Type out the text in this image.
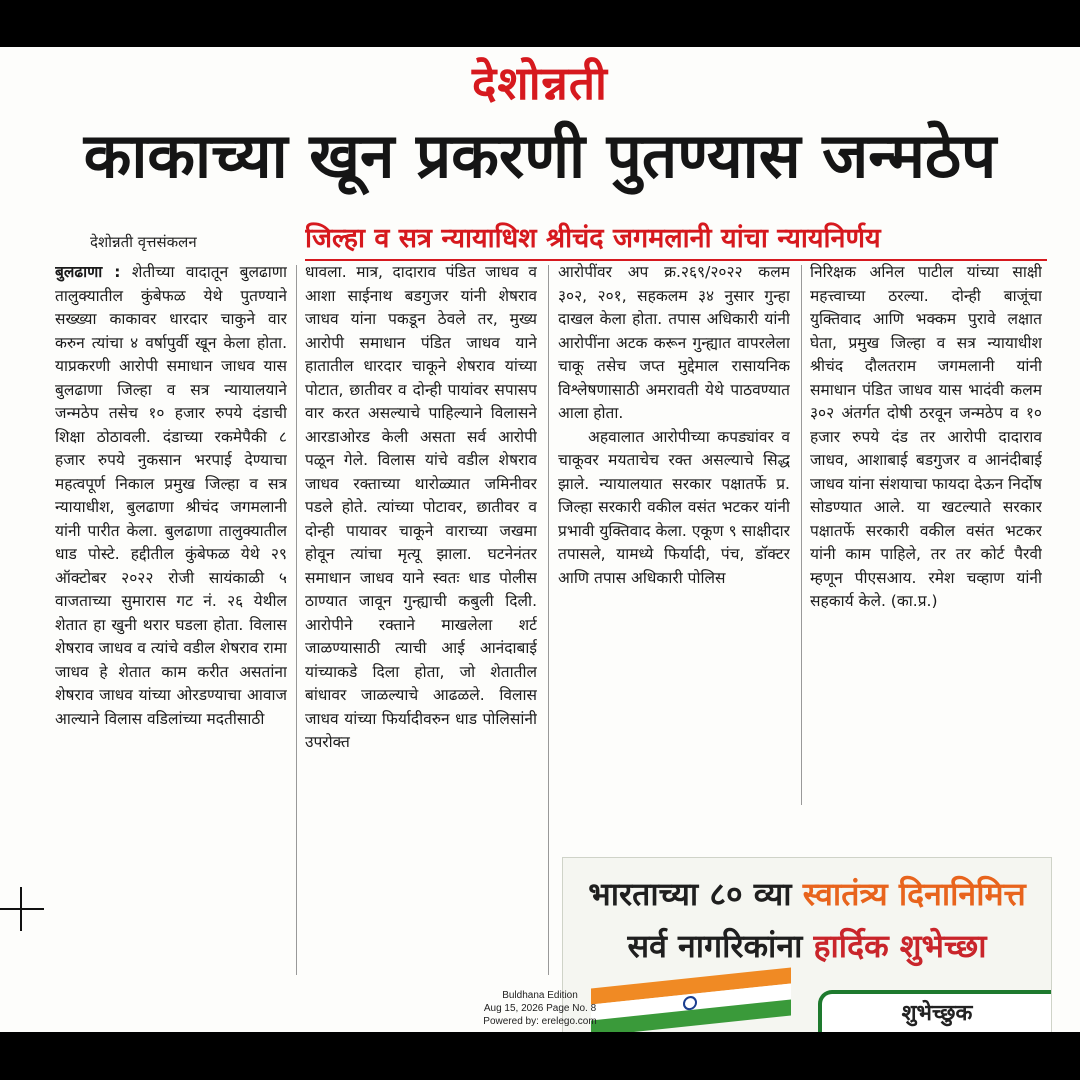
देशोन्नती
काकाच्या खून प्रकरणी पुतण्यास जन्मठेप
देशोन्नती वृत्तसंकलन	जिल्हा व सत्र न्यायाधिश श्रीचंद जगमलानी यांचा न्यायनिर्णय
बुलढाणा : शेतीच्या वादातून बुलढाणा तालुक्यातील कुंबेफळ येथे पुतण्याने सख्ख्या काकावर धारदार चाकुने वार करुन त्यांचा ४ वर्षापुर्वी खून केला होता. याप्रकरणी आरोपी समाधान जाधव यास बुलढाणा जिल्हा व सत्र न्यायालयाने जन्मठेप तसेच १० हजार रुपये दंडाची शिक्षा ठोठावली. दंडाच्या रकमेपैकी ८ हजार रुपये नुकसान भरपाई देण्याचा महत्वपूर्ण निकाल प्रमुख जिल्हा व सत्र न्यायाधीश, बुलढाणा श्रीचंद जगमलानी यांनी पारीत केला. बुलढाणा तालुक्यातील धाड पोस्टे. हद्दीतील कुंबेफळ येथे २९ ऑक्टोबर २०२२ रोजी सायंकाळी ५ वाजताच्या सुमारास गट नं. २६ येथील शेतात हा खुनी थरार घडला होता. विलास शेषराव जाधव व त्यांचे वडील शेषराव रामा जाधव हे शेतात काम करीत असतांना शेषराव जाधव यांच्या ओरडण्याचा आवाज आल्याने विलास वडिलांच्या मदतीसाठी
धावला. मात्र, दादाराव पंडित जाधव व आशा साईनाथ बडगुजर यांनी शेषराव जाधव यांना पकडून ठेवले तर, मुख्य आरोपी समाधान पंडित जाधव याने हातातील धारदार चाकूने शेषराव यांच्या पोटात, छातीवर व दोन्ही पायांवर सपासप वार करत असल्याचे पाहिल्याने विलासने आरडाओरड केली असता सर्व आरोपी पळून गेले. विलास यांचे वडील शेषराव जाधव रक्ताच्या थारोळ्यात जमिनीवर पडले होते. त्यांच्या पोटावर, छातीवर व दोन्ही पायावर चाकूने वाराच्या जखमा होवून त्यांचा मृत्यू झाला. घटनेनंतर समाधान जाधव याने स्वतः धाड पोलीस ठाण्यात जावून गुन्ह्याची कबुली दिली. आरोपीने रक्ताने माखलेला शर्ट जाळण्यासाठी त्याची आई आनंदाबाई यांच्याकडे दिला होता, जो शेतातील बांधावर जाळल्याचे आढळले. विलास जाधव यांच्या फिर्यादीवरुन धाड पोलिसांनी उपरोक्त
आरोपींवर अप क्र.२६९/२०२२ कलम ३०२, २०१, सहकलम ३४ नुसार गुन्हा दाखल केला होता. तपास अधिकारी यांनी आरोपींना अटक करून गुन्ह्यात वापरलेला चाकू तसेच जप्त मुद्देमाल रासायनिक विश्लेषणासाठी अमरावती येथे पाठवण्यात आला होता.
अहवालात आरोपीच्या कपड्यांवर व चाकूवर मयताचेच रक्त असल्याचे सिद्ध झाले. न्यायालयात सरकार पक्षातर्फे प्र. जिल्हा सरकारी वकील वसंत भटकर यांनी प्रभावी युक्तिवाद केला. एकूण ९ साक्षीदार तपासले, यामध्ये फिर्यादी, पंच, डॉक्टर आणि तपास अधिकारी पोलिस
निरिक्षक अनिल पाटील यांच्या साक्षी महत्त्वाच्या ठरल्या. दोन्ही बाजूंचा युक्तिवाद आणि भक्कम पुरावे लक्षात घेता, प्रमुख जिल्हा व सत्र न्यायाधीश श्रीचंद दौलतराम जगमलानी यांनी समाधान पंडित जाधव यास भादंवी कलम ३०२ अंतर्गत दोषी ठरवून जन्मठेप व १० हजार रुपये दंड तर आरोपी दादाराव जाधव, आशाबाई बडगुजर व आनंदीबाई जाधव यांना संशयाचा फायदा देऊन निर्दोष सोडण्यात आले. या खटल्याते सरकार पक्षातर्फे सरकारी वकील वसंत भटकर यांनी काम पाहिले, तर तर कोर्ट पैरवी म्हणून पीएसआय. रमेश चव्हाण यांनी सहकार्य केले. (का.प्र.)
भारताच्या ८० व्या स्वातंत्र्य दिनानिमित्त
सर्व नागरिकांना हार्दिक शुभेच्छा
शुभेच्छुक
Buldhana Edition
Aug 15, 2026 Page No. 8
Powered by: erelego.com
